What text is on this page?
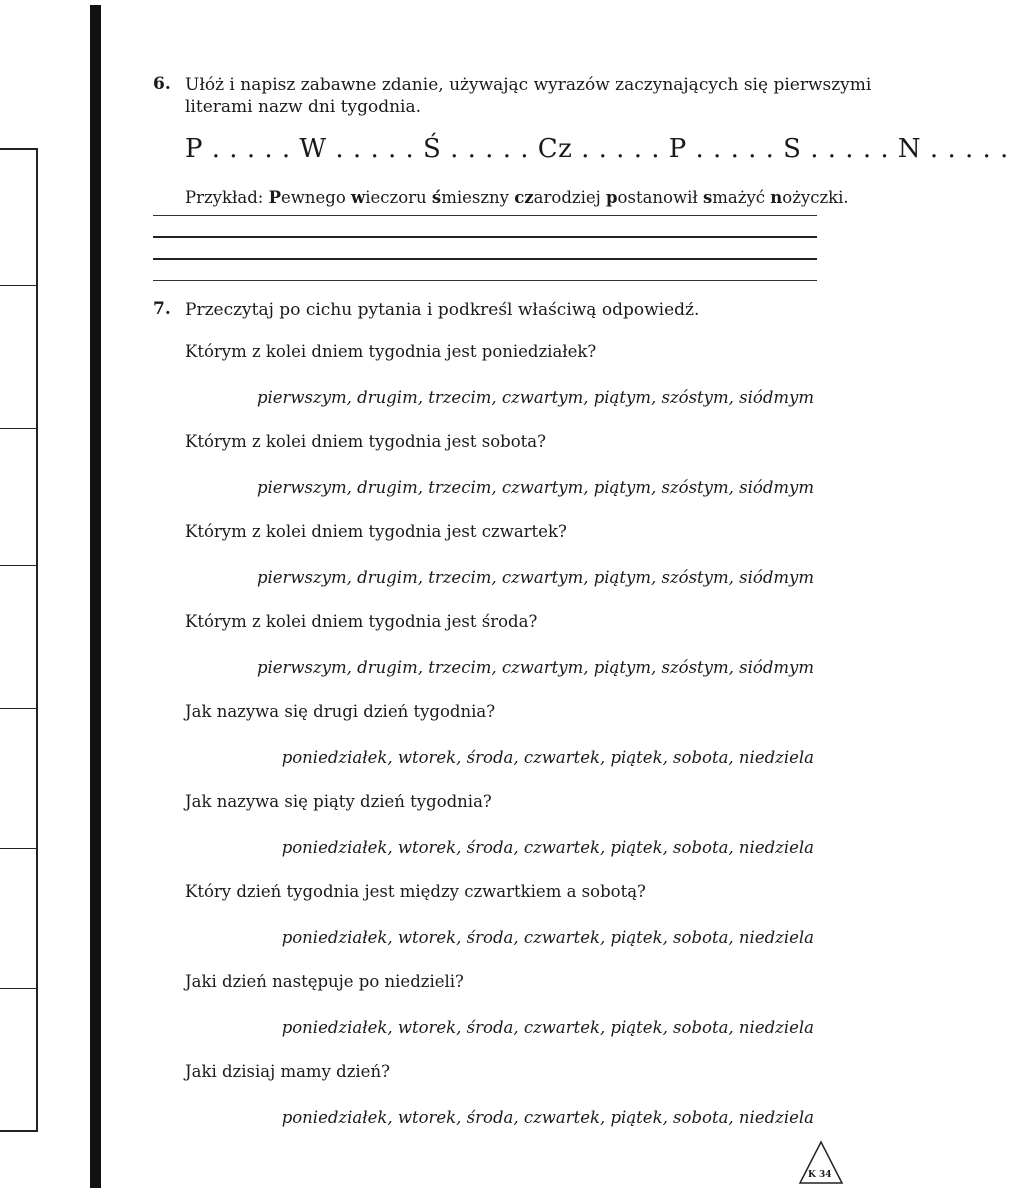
6. Ułóż i napisz zabawne zdanie, używając wyrazów zaczynających się pierwszymi
literami nazw dni tygodnia.
P . . . . . W . . . . . Ś . . . . . Cz . . . . . P . . . . . S . . . . . N . . . . .
Przykład: Pewnego wieczoru śmieszny czarodziej postanowił smażyć nożyczki.
7. Przeczytaj po cichu pytania i podkreśl właściwą odpowiedź.
Którym z kolei dniem tygodnia jest poniedziałek?
pierwszym, drugim, trzecim, czwartym, piątym, szóstym, siódmym
Którym z kolei dniem tygodnia jest sobota?
pierwszym, drugim, trzecim, czwartym, piątym, szóstym, siódmym
Którym z kolei dniem tygodnia jest czwartek?
pierwszym, drugim, trzecim, czwartym, piątym, szóstym, siódmym
Którym z kolei dniem tygodnia jest środa?
pierwszym, drugim, trzecim, czwartym, piątym, szóstym, siódmym
Jak nazywa się drugi dzień tygodnia?
poniedziałek, wtorek, środa, czwartek, piątek, sobota, niedziela
Jak nazywa się piąty dzień tygodnia?
poniedziałek, wtorek, środa, czwartek, piątek, sobota, niedziela
Który dzień tygodnia jest między czwartkiem a sobotą?
poniedziałek, wtorek, środa, czwartek, piątek, sobota, niedziela
Jaki dzień następuje po niedzieli?
poniedziałek, wtorek, środa, czwartek, piątek, sobota, niedziela
Jaki dzisiaj mamy dzień?
poniedziałek, wtorek, środa, czwartek, piątek, sobota, niedziela
K 34
